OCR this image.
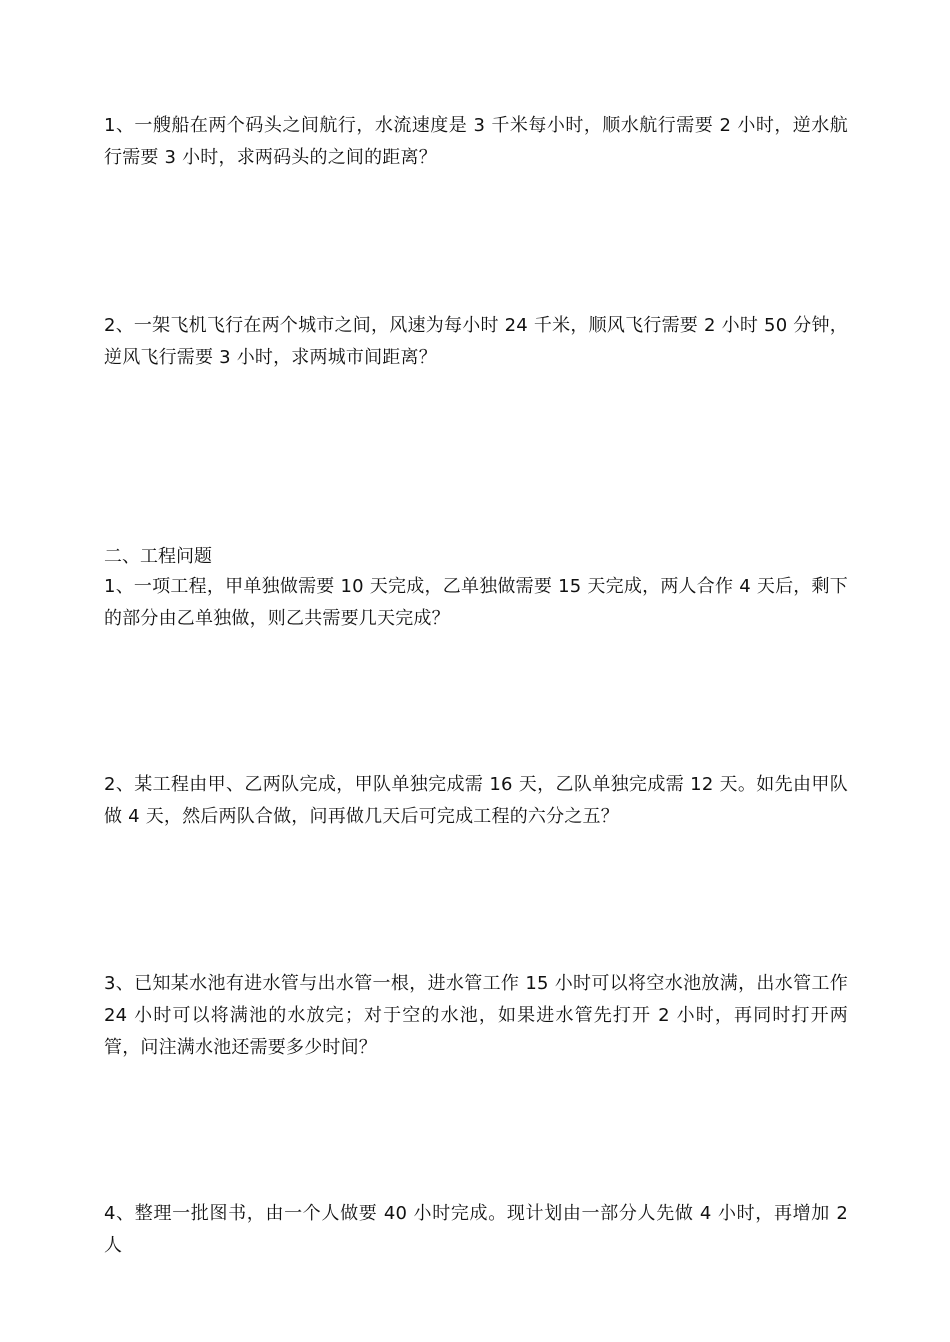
1、一艘船在两个码头之间航行，水流速度是 3 千米每小时，顺水航行需要 2 小时，逆水航行需要 3 小时，求两码头的之间的距离？

2、一架飞机飞行在两个城市之间，风速为每小时 24 千米，顺风飞行需要 2 小时 50 分钟，逆风飞行需要 3 小时，求两城市间距离？

二、工程问题

1、一项工程，甲单独做需要 10 天完成，乙单独做需要 15 天完成，两人合作 4 天后，剩下的部分由乙单独做，则乙共需要几天完成？

2、某工程由甲、乙两队完成，甲队单独完成需 16 天，乙队单独完成需 12 天。如先由甲队做 4 天，然后两队合做，问再做几天后可完成工程的六分之五？

3、已知某水池有进水管与出水管一根，进水管工作 15 小时可以将空水池放满，出水管工作 24 小时可以将满池的水放完；对于空的水池，如果进水管先打开 2 小时，再同时打开两管，问注满水池还需要多少时间？

4、整理一批图书，由一个人做要 40 小时完成。现计划由一部分人先做 4 小时，再增加 2 人
